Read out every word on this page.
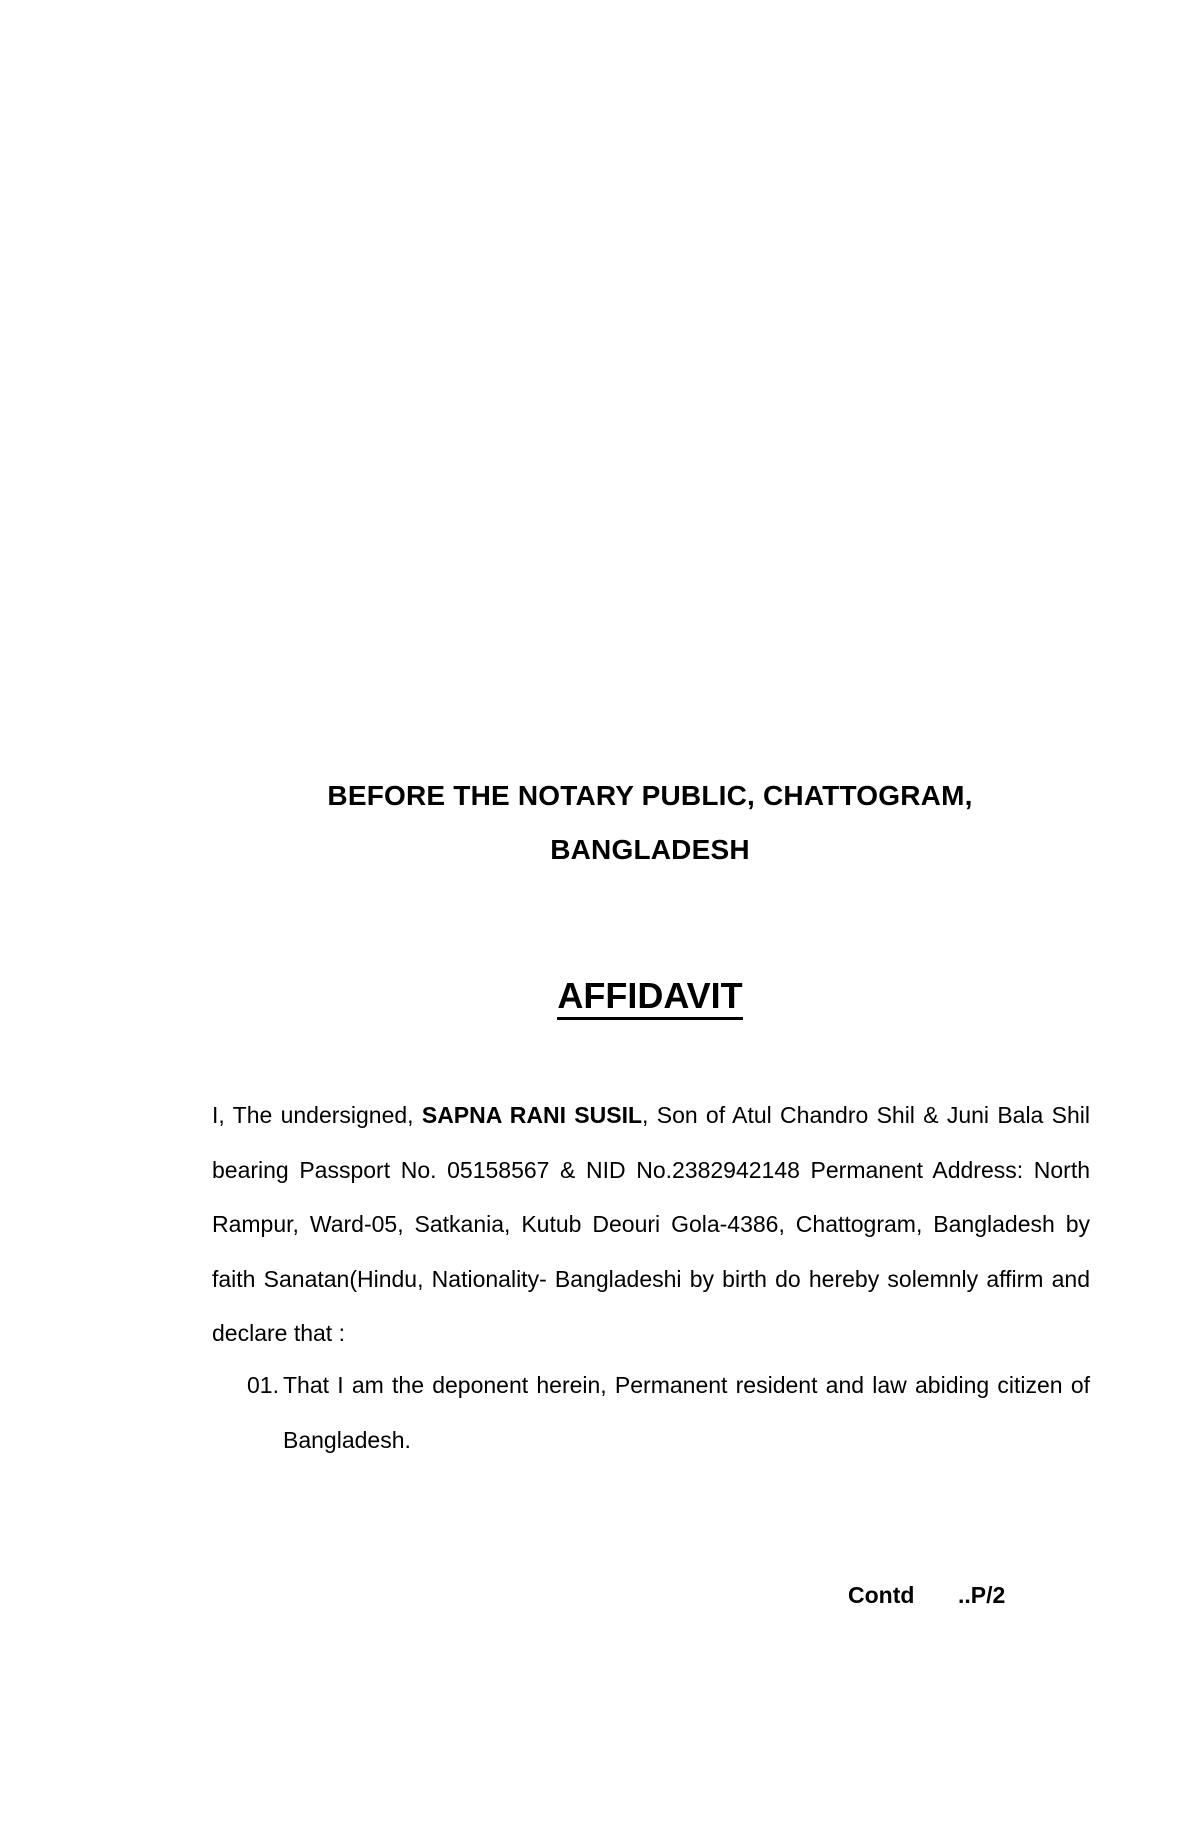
BEFORE THE NOTARY PUBLIC, CHATTOGRAM,

BANGLADESH

AFFIDAVIT

I, The undersigned, SAPNA RANI SUSIL, Son of Atul Chandro Shil & Juni Bala Shil bearing Passport No. 05158567 & NID No.2382942148 Permanent Address: North Rampur, Ward-05, Satkania, Kutub Deouri Gola-4386, Chattogram, Bangladesh by faith Sanatan(Hindu, Nationality- Bangladeshi by birth do hereby solemnly affirm and declare that :

01. That I am the deponent herein, Permanent resident and law abiding citizen of Bangladesh.

Contd ..P/2
